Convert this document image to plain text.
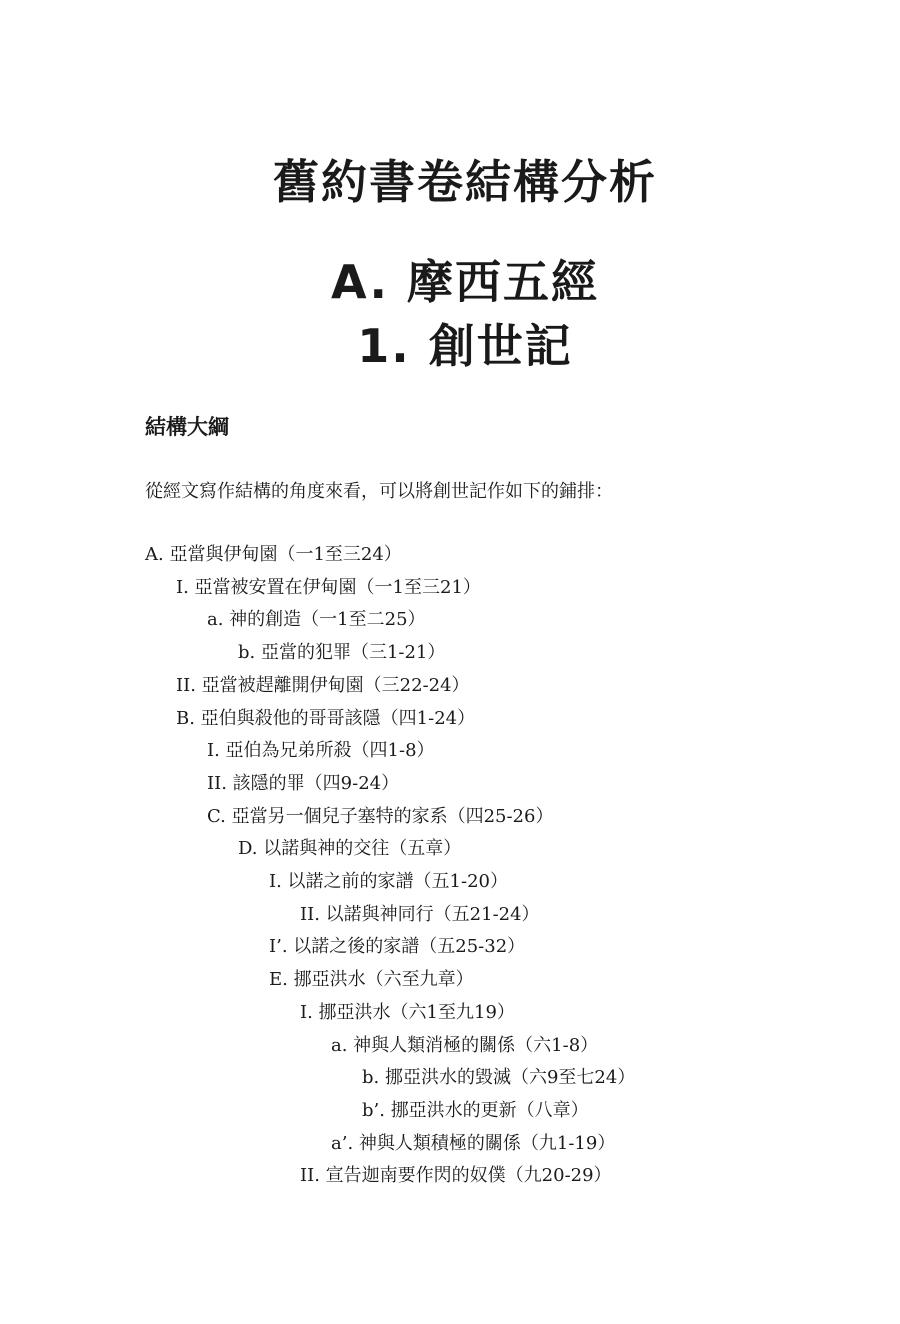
舊約書卷結構分析
A. 摩西五經
1. 創世記
結構大綱
從經文寫作結構的角度來看，可以將創世記作如下的鋪排：
A. 亞當與伊甸園（一1至三24）
I. 亞當被安置在伊甸園（一1至三21）
a. 神的創造（一1至二25）
b. 亞當的犯罪（三1-21）
II. 亞當被趕離開伊甸園（三22-24）
B. 亞伯與殺他的哥哥該隱（四1-24）
I. 亞伯為兄弟所殺（四1-8）
II. 該隱的罪（四9-24）
C. 亞當另一個兒子塞特的家系（四25-26）
D. 以諾與神的交往（五章）
I. 以諾之前的家譜（五1-20）
II. 以諾與神同行（五21-24）
I’. 以諾之後的家譜（五25-32）
E. 挪亞洪水（六至九章）
I. 挪亞洪水（六1至九19）
a. 神與人類消極的關係（六1-8）
b. 挪亞洪水的毀滅（六9至七24）
b’. 挪亞洪水的更新（八章）
a’. 神與人類積極的關係（九1-19）
II. 宣告迦南要作閃的奴僕（九20-29）
